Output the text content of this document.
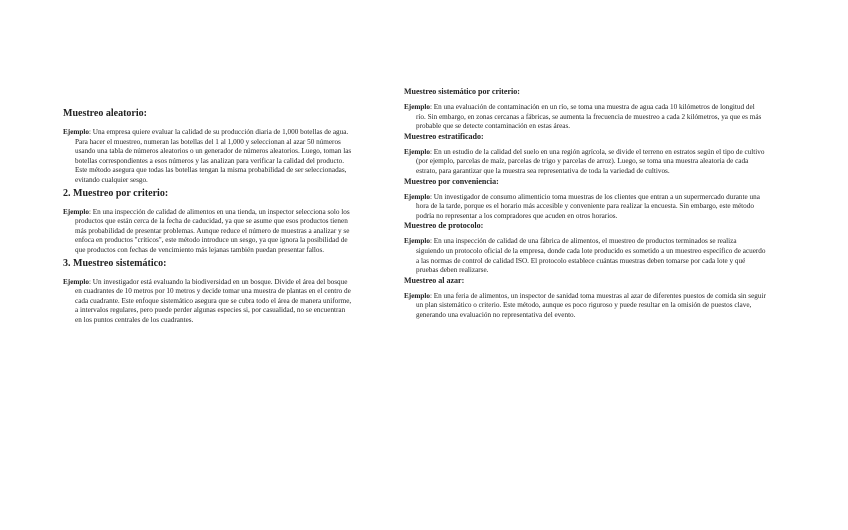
Muestreo aleatorio:

Ejemplo: Una empresa quiere evaluar la calidad de su producción diaria de 1,000 botellas de agua. Para hacer el muestreo, numeran las botellas del 1 al 1,000 y seleccionan al azar 50 números usando una tabla de números aleatorios o un generador de números aleatorios. Luego, toman las botellas correspondientes a esos números y las analizan para verificar la calidad del producto. Este método asegura que todas las botellas tengan la misma probabilidad de ser seleccionadas, evitando cualquier sesgo.

2. Muestreo por criterio:

Ejemplo: En una inspección de calidad de alimentos en una tienda, un inspector selecciona solo los productos que están cerca de la fecha de caducidad, ya que se asume que esos productos tienen más probabilidad de presentar problemas. Aunque reduce el número de muestras a analizar y se enfoca en productos "críticos", este método introduce un sesgo, ya que ignora la posibilidad de que productos con fechas de vencimiento más lejanas también puedan presentar fallos.

3. Muestreo sistemático:

Ejemplo: Un investigador está evaluando la biodiversidad en un bosque. Divide el área del bosque en cuadrantes de 10 metros por 10 metros y decide tomar una muestra de plantas en el centro de cada cuadrante. Este enfoque sistemático asegura que se cubra todo el área de manera uniforme, a intervalos regulares, pero puede perder algunas especies si, por casualidad, no se encuentran en los puntos centrales de los cuadrantes.

Muestreo sistemático por criterio:

Ejemplo: En una evaluación de contaminación en un río, se toma una muestra de agua cada 10 kilómetros de longitud del río. Sin embargo, en zonas cercanas a fábricas, se aumenta la frecuencia de muestreo a cada 2 kilómetros, ya que es más probable que se detecte contaminación en estas áreas.

Muestreo estratificado:

Ejemplo: En un estudio de la calidad del suelo en una región agrícola, se divide el terreno en estratos según el tipo de cultivo (por ejemplo, parcelas de maíz, parcelas de trigo y parcelas de arroz). Luego, se toma una muestra aleatoria de cada estrato, para garantizar que la muestra sea representativa de toda la variedad de cultivos.

Muestreo por conveniencia:

Ejemplo: Un investigador de consumo alimenticio toma muestras de los clientes que entran a un supermercado durante una hora de la tarde, porque es el horario más accesible y conveniente para realizar la encuesta. Sin embargo, este método podría no representar a los compradores que acuden en otros horarios.

Muestreo de protocolo:

Ejemplo: En una inspección de calidad de una fábrica de alimentos, el muestreo de productos terminados se realiza siguiendo un protocolo oficial de la empresa, donde cada lote producido es sometido a un muestreo específico de acuerdo a las normas de control de calidad ISO. El protocolo establece cuántas muestras deben tomarse por cada lote y qué pruebas deben realizarse.

Muestreo al azar:

Ejemplo: En una feria de alimentos, un inspector de sanidad toma muestras al azar de diferentes puestos de comida sin seguir un plan sistemático o criterio. Este método, aunque es poco riguroso y puede resultar en la omisión de puestos clave, generando una evaluación no representativa del evento.
